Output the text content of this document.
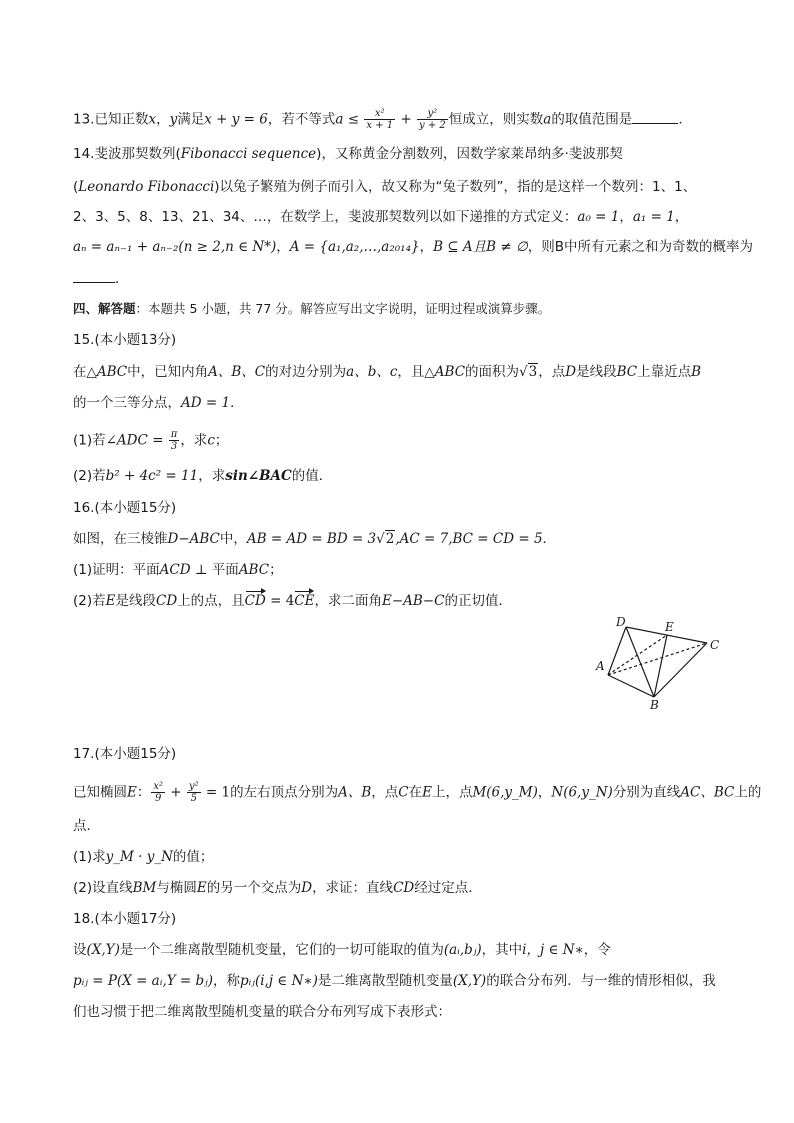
13.已知正数x，y满足x + y = 6，若不等式$a \le \frac{\text{x²}}{x + 1} + \frac{\text{y²}}{y + 2}$ 恒成立，则实数a的取值范围是	．
14.斐波那契数列(Fibonacci sequence)，又称黄金分割数列，因数学家莱昂纳多·斐波那契
(Leonardo Fibonacci)以兔子繁殖为例子而引入，故又称为“兔子数列”，指的是这样一个数列：1、1、
2、3、5、8、13、21、34、…，在数学上，斐波那契数列以如下递推的方式定义：a₀ = 1，a₁ = 1，
aₙ = aₙ₋₁ + aₙ₋₂(n ≥ 2,n ∈ N*)，A = {a₁,a₂,…,a₂₀₁₄}，B ⊆ A且B ≠ ∅，则B中所有元素之和为奇数的概率为
．
四、解答题：本题共 5 小题，共 77 分。解答应写出文字说明，证明过程或演算步骤。
15.(本小题13分)
在△ABC中，已知内角A、B、C的对边分别为a、b、c，且△ABC的面积为√3，点D是线段BC上靠近点B
的一个三等分点，AD = 1．
(1)若∠ADC = $\frac{\pi}{3}$ ，求c；
(2)若b² + 4c² = 11，求sin∠BAC的值．
16.(本小题15分)
如图，在三棱锥D−ABC中，AB = AD = BD = 3√2,AC = 7,BC = CD = 5．
(1)证明：平面ACD ⊥ 平面ABC；
(2)若E是线段CD上的点，且CD = 4CE，求二面角E−AB−C的正切值．
D	E
C
A
B
17.(本小题15分)
已知椭圆E： $\frac{\text{x²}}{9} + \frac{\text{y²}}{5} = 1$的左右顶点分别为A、B，点C在E上，点M(6,y_M)，N(6,y_N)分别为直线AC、BC上的
点．
(1)求y_M · y_N的值；
(2)设直线BM与椭圆E的另一个交点为D，求证：直线CD经过定点．
18.(本小题17分)
设(X,Y)是一个二维离散型随机变量，它们的一切可能取的值为(aᵢ,bⱼ)，其中i，j ∈ N∗，令
pᵢⱼ = P(X = aᵢ,Y = bⱼ)，称pᵢⱼ(i,j ∈ N∗)是二维离散型随机变量(X,Y)的联合分布列．与一维的情形相似，我
们也习惯于把二维离散型随机变量的联合分布列写成下表形式：
